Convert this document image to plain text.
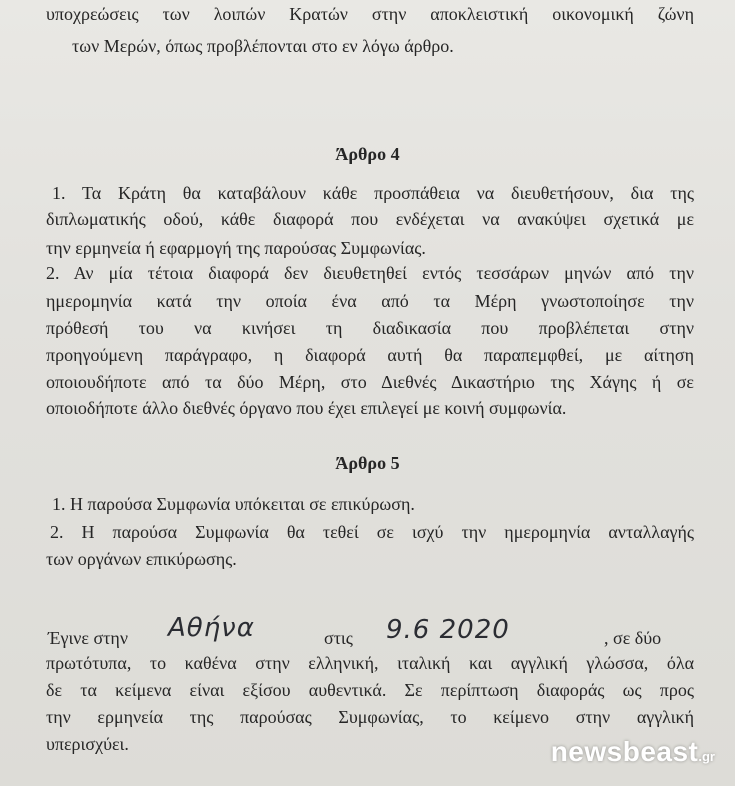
υποχρεώσεις των λοιπών Κρατών στην αποκλειστική οικονομική ζώνη
των Μερών, όπως προβλέπονται στο εν λόγω άρθρο.
Άρθρο 4
1. Τα Κράτη θα καταβάλουν κάθε προσπάθεια να διευθετήσουν, δια της
διπλωματικής οδού, κάθε διαφορά που ενδέχεται να ανακύψει σχετικά με
την ερμηνεία ή εφαρμογή της παρούσας Συμφωνίας.
2. Αν μία τέτοια διαφορά δεν διευθετηθεί εντός τεσσάρων μηνών από την
ημερομηνία κατά την οποία ένα από τα Μέρη γνωστοποίησε την
πρόθεσή του να κινήσει τη διαδικασία που προβλέπεται στην
προηγούμενη παράγραφο, η διαφορά αυτή θα παραπεμφθεί, με αίτηση
οποιουδήποτε από τα δύο Μέρη, στο Διεθνές Δικαστήριο της Χάγης ή σε
οποιοδήποτε άλλο διεθνές όργανο που έχει επιλεγεί με κοινή συμφωνία.
Άρθρο 5
1. Η παρούσα Συμφωνία υπόκειται σε επικύρωση.
2. Η παρούσα Συμφωνία θα τεθεί σε ισχύ την ημερομηνία ανταλλαγής
των οργάνων επικύρωσης.
Έγινε στην Αθήνα	στις 9.6 2020	, σε δύο
πρωτότυπα, το καθένα στην ελληνική, ιταλική και αγγλική γλώσσα, όλα
δε τα κείμενα είναι εξίσου αυθεντικά. Σε περίπτωση διαφοράς ως προς
την ερμηνεία της παρούσας Συμφωνίας, το κείμενο στην αγγλική
υπερισχύει.	newsbeast.gr
